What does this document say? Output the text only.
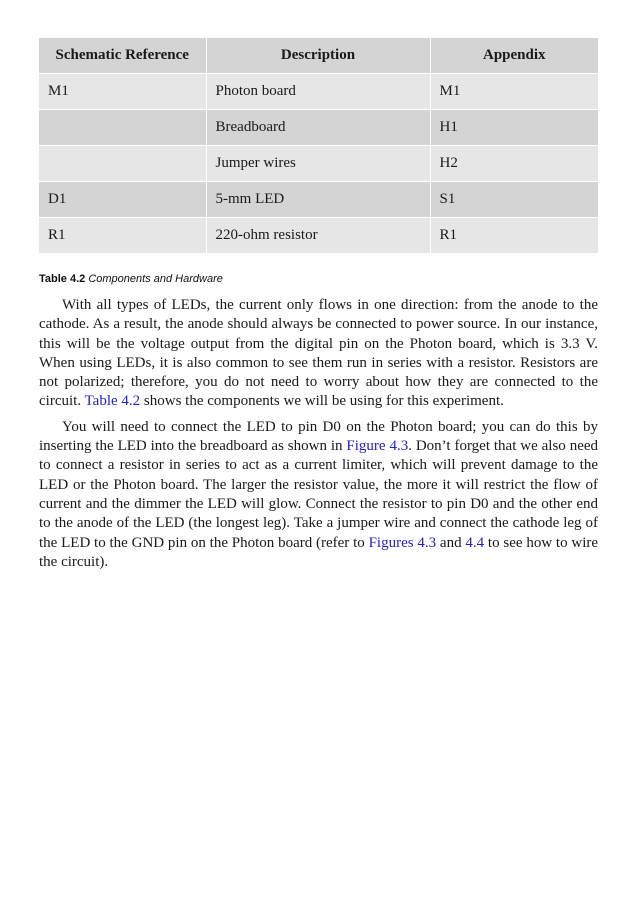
Schematic Reference	Description	Appendix
M1	Photon board	M1
	Breadboard	H1
	Jumper wires	H2
D1	5-mm LED	S1
R1	220-ohm resistor	R1
Table 4.2 Components and Hardware

With all types of LEDs, the current only flows in one direction: from the anode to the cathode. As a result, the anode should always be connected to power source. In our instance, this will be the voltage output from the digital pin on the Photon board, which is 3.3 V. When using LEDs, it is also common to see them run in series with a resistor. Resistors are not polarized; therefore, you do not need to worry about how they are connected to the circuit. Table 4.2 shows the components we will be using for this experiment.

You will need to connect the LED to pin D0 on the Photon board; you can do this by inserting the LED into the breadboard as shown in Figure 4.3. Don’t forget that we also need to connect a resistor in series to act as a current limiter, which will prevent damage to the LED or the Photon board. The larger the resistor value, the more it will restrict the flow of current and the dimmer the LED will glow. Connect the resistor to pin D0 and the other end to the anode of the LED (the longest leg). Take a jumper wire and connect the cathode leg of the LED to the GND pin on the Photon board (refer to Figures 4.3 and 4.4 to see how to wire the circuit).
